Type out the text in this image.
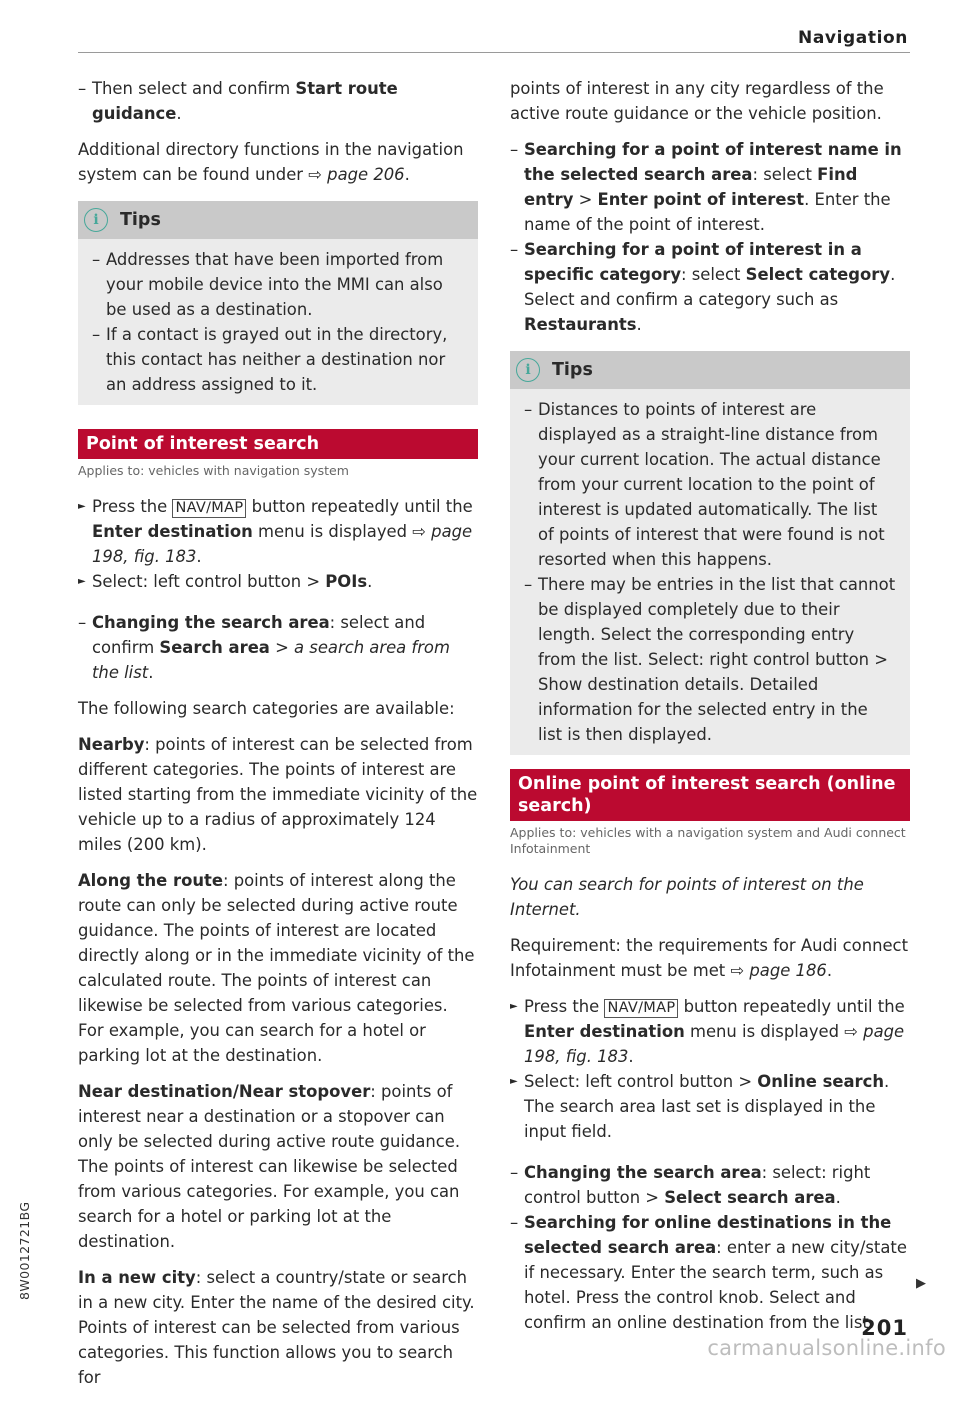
Navigation

– Then select and confirm Start route guidance.

Additional directory functions in the navigation system can be found under ⇨ page 206.

i	Tips

– Addresses that have been imported from your mobile device into the MMI can also be used as a destination.

– If a contact is grayed out in the directory, this contact has neither a destination nor an address assigned to it.

Point of interest search
Applies to: vehicles with navigation system

► Press the NAV/MAP button repeatedly until the Enter destination menu is displayed ⇨ page 198, fig. 183.

► Select: left control button > POIs.

– Changing the search area: select and confirm Search area > a search area from the list.

The following search categories are available:

Nearby: points of interest can be selected from different categories. The points of interest are listed starting from the immediate vicinity of the vehicle up to a radius of approximately 124 miles (200 km).

Along the route: points of interest along the route can only be selected during active route guidance. The points of interest are located directly along or in the immediate vicinity of the calculated route. The points of interest can likewise be selected from various categories. For example, you can search for a hotel or parking lot at the destination.

Near destination/Near stopover: points of interest near a destination or a stopover can only be selected during active route guidance. The points of interest can likewise be selected from various categories. For example, you can search for a hotel or parking lot at the destination.

In a new city: select a country/state or search in a new city. Enter the name of the desired city. Points of interest can be selected from various categories. This function allows you to search for

points of interest in any city regardless of the active route guidance or the vehicle position.

– Searching for a point of interest name in the selected search area: select Find entry > Enter point of interest. Enter the name of the point of interest.

– Searching for a point of interest in a specific category: select Select category. Select and confirm a category such as Restaurants.

i	Tips

– Distances to points of interest are displayed as a straight-line distance from your current location. The actual distance from your current location to the point of interest is updated automatically. The list of points of interest that were found is not resorted when this happens.

– There may be entries in the list that cannot be displayed completely due to their length. Select the corresponding entry from the list. Select: right control button > Show destination details. Detailed information for the selected entry in the list is then displayed.

Online point of interest search (online search)
Applies to: vehicles with a navigation system and Audi connect Infotainment

You can search for points of interest on the Internet.

Requirement: the requirements for Audi connect Infotainment must be met ⇨ page 186.

► Press the NAV/MAP button repeatedly until the Enter destination menu is displayed ⇨ page 198, fig. 183.

► Select: left control button > Online search. The search area last set is displayed in the input field.

– Changing the search area: select: right control button > Select search area.

– Searching for online destinations in the selected search area: enter a new city/state if necessary. Enter the search term, such as hotel. Press the control knob. Select and confirm an online destination from the list.

▶
8W0012721BG
201
carmanualsonline.info
